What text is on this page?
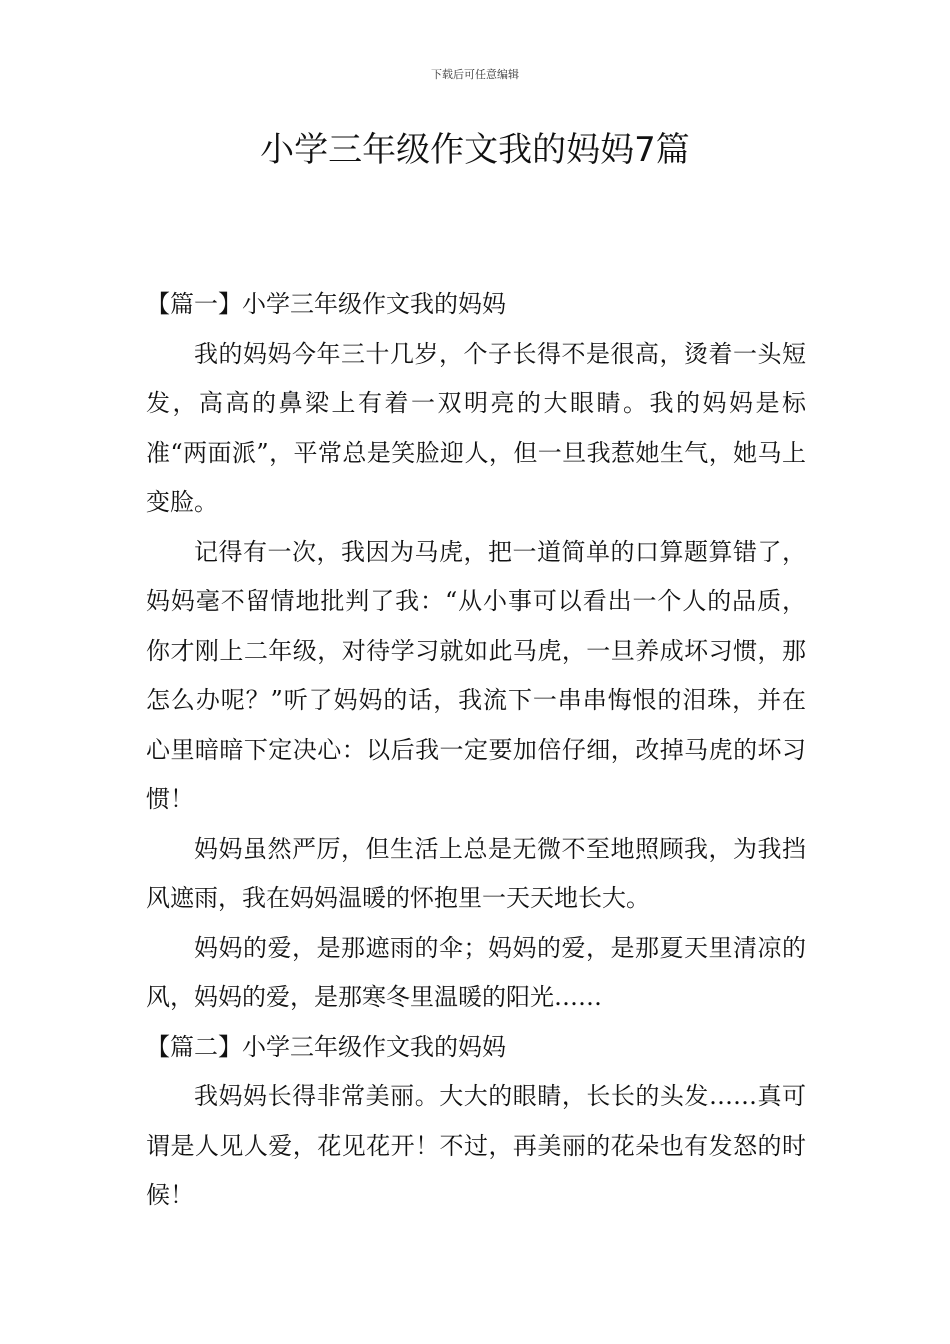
下载后可任意编辑
小学三年级作文我的妈妈7篇
【篇一】小学三年级作文我的妈妈

我的妈妈今年三十几岁，个子长得不是很高，烫着一头短发，高高的鼻梁上有着一双明亮的大眼睛。我的妈妈是标准“两面派”，平常总是笑脸迎人，但一旦我惹她生气，她马上变脸。

记得有一次，我因为马虎，把一道简单的口算题算错了，妈妈毫不留情地批判了我：“从小事可以看出一个人的品质，你才刚上二年级，对待学习就如此马虎，一旦养成坏习惯，那怎么办呢？”听了妈妈的话，我流下一串串悔恨的泪珠，并在心里暗暗下定决心：以后我一定要加倍仔细，改掉马虎的坏习惯！

妈妈虽然严厉，但生活上总是无微不至地照顾我，为我挡风遮雨，我在妈妈温暖的怀抱里一天天地长大。

妈妈的爱，是那遮雨的伞；妈妈的爱，是那夏天里清凉的风，妈妈的爱，是那寒冬里温暖的阳光……

【篇二】小学三年级作文我的妈妈

我妈妈长得非常美丽。大大的眼睛，长长的头发……真可谓是人见人爱，花见花开！不过，再美丽的花朵也有发怒的时候！
